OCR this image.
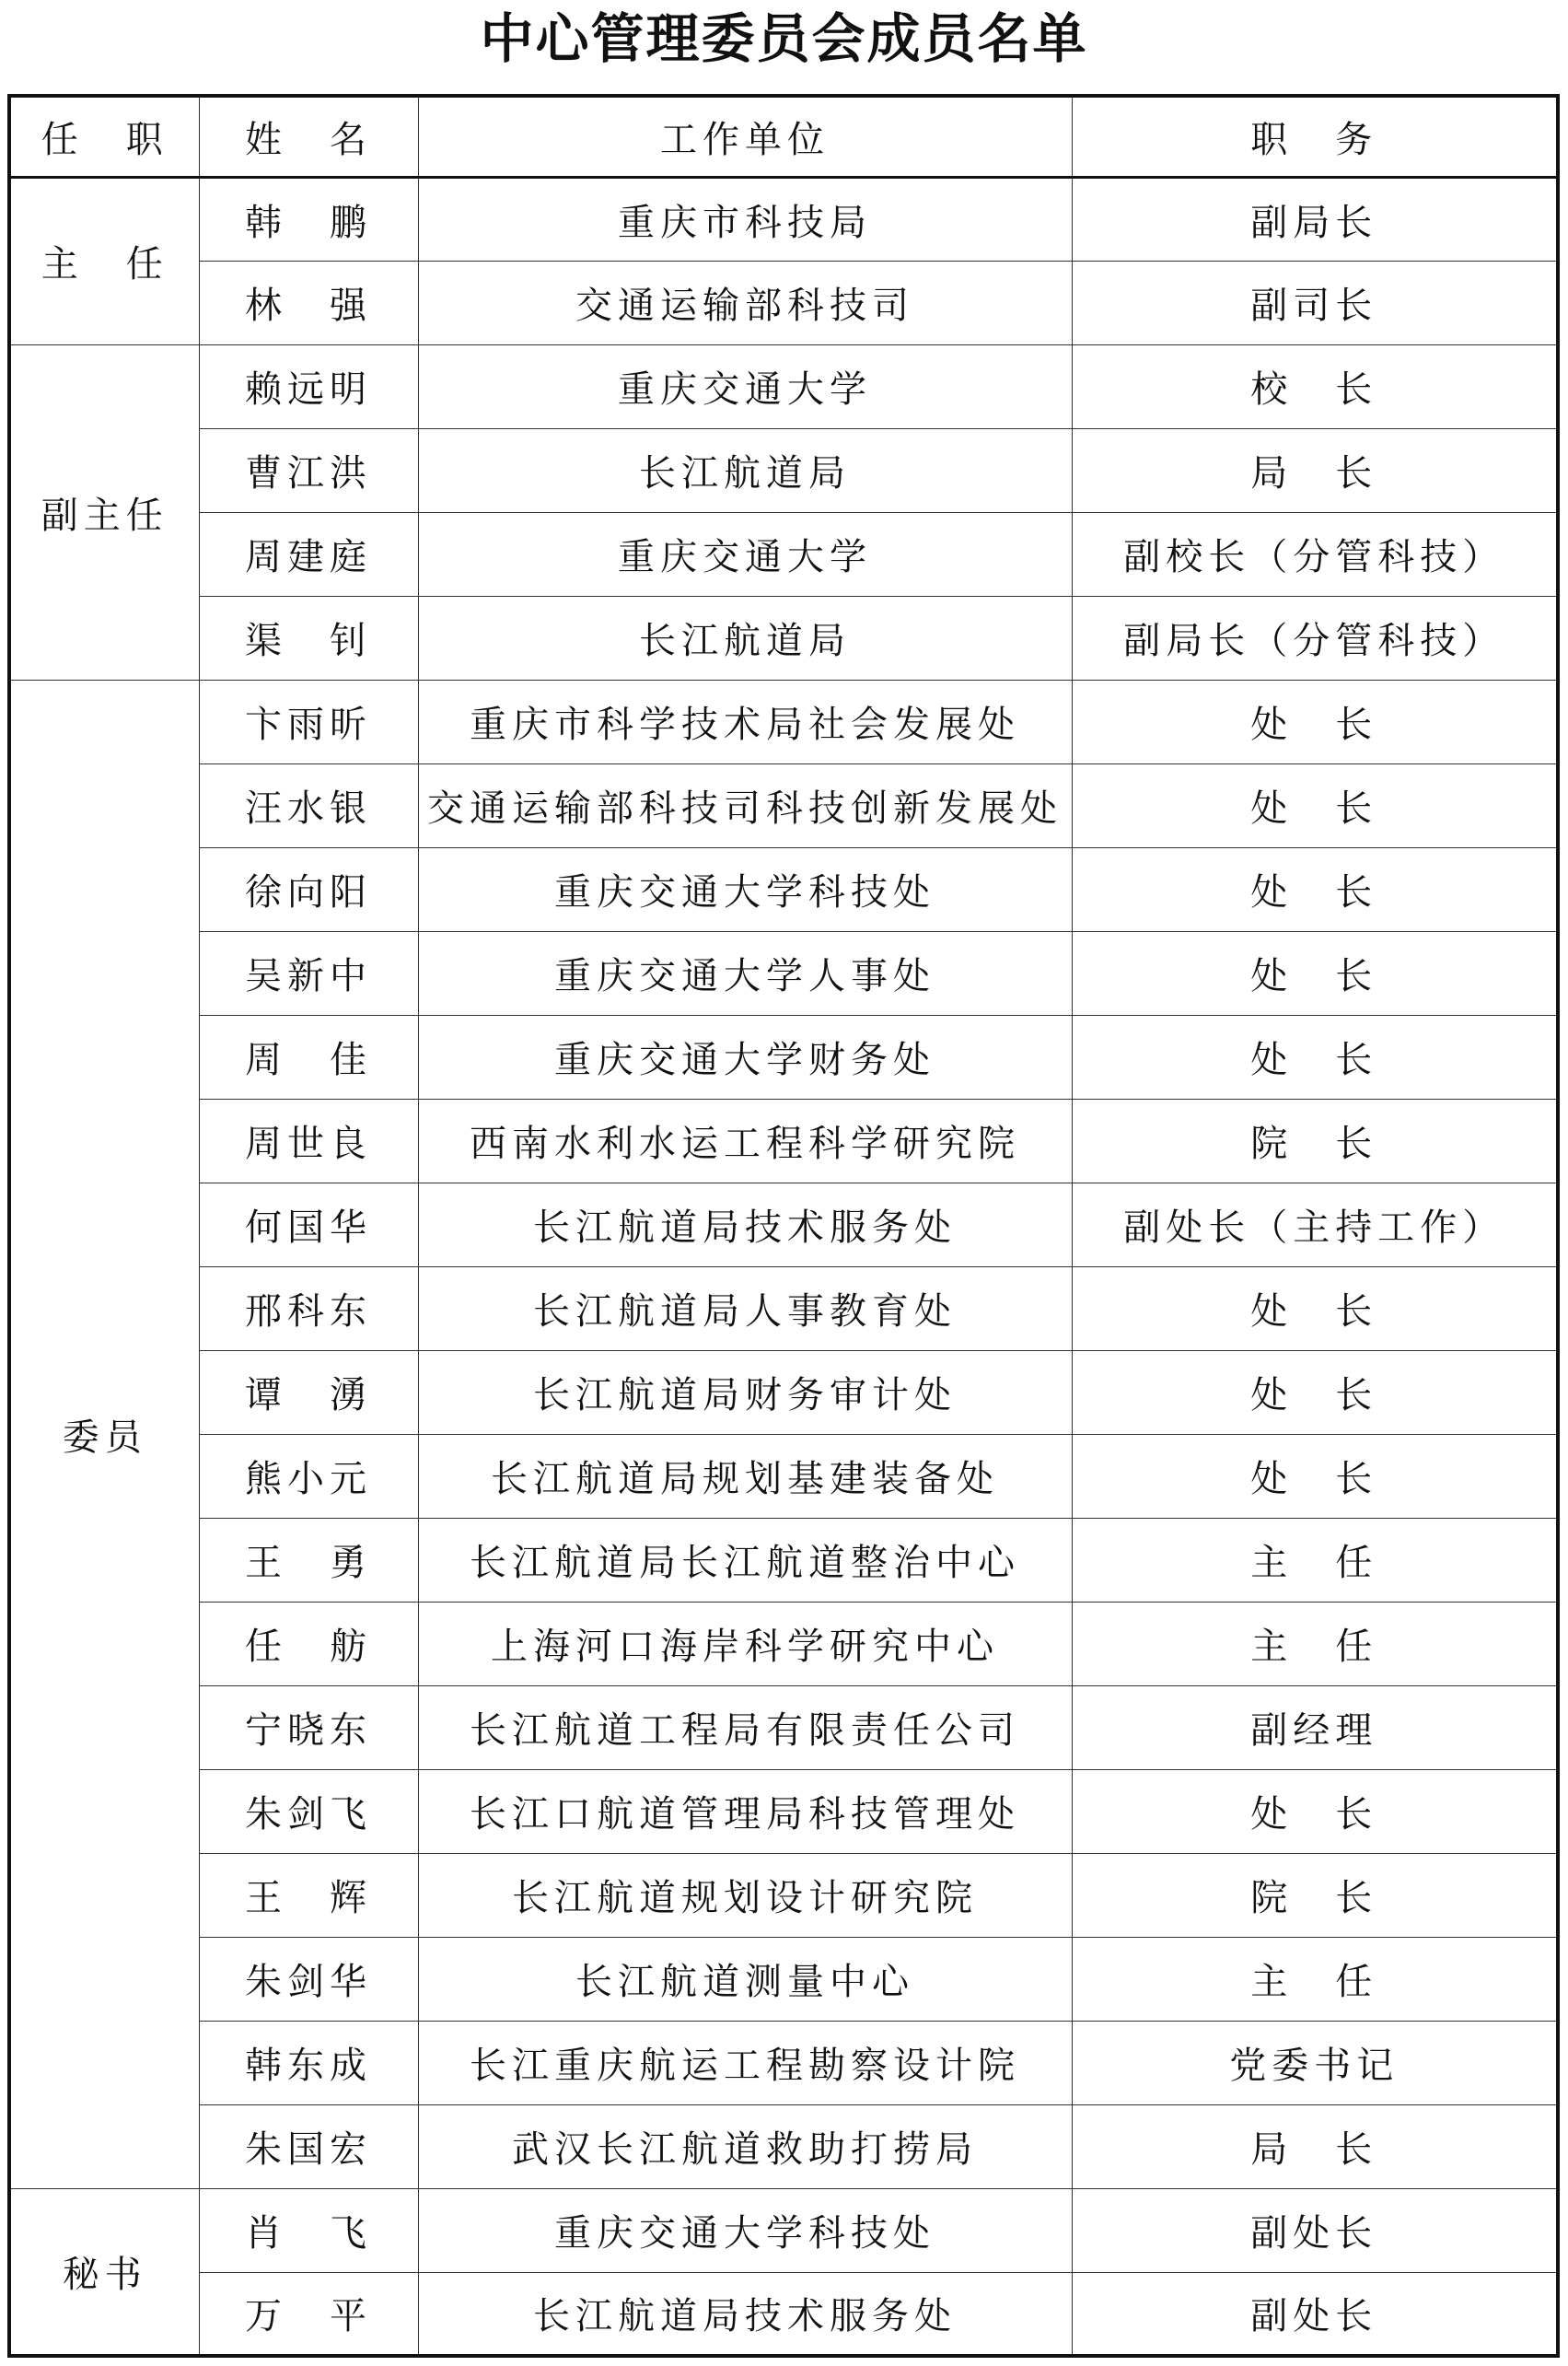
中心管理委员会成员名单
任　职	姓　名	工作单位	职　务
主　任	韩　鹏	重庆市科技局	副局长
	林　强	交通运输部科技司	副司长
副主任	赖远明	重庆交通大学	校　长
	曹江洪	长江航道局	局　长
	周建庭	重庆交通大学	副校长（分管科技）
	渠　钊	长江航道局	副局长（分管科技）
委员	卞雨昕	重庆市科学技术局社会发展处	处　长
	汪水银	交通运输部科技司科技创新发展处	处　长
	徐向阳	重庆交通大学科技处	处　长
	吴新中	重庆交通大学人事处	处　长
	周　佳	重庆交通大学财务处	处　长
	周世良	西南水利水运工程科学研究院	院　长
	何国华	长江航道局技术服务处	副处长（主持工作）
	邢科东	长江航道局人事教育处	处　长
	谭　湧	长江航道局财务审计处	处　长
	熊小元	长江航道局规划基建装备处	处　长
	王　勇	长江航道局长江航道整治中心	主　任
	任　舫	上海河口海岸科学研究中心	主　任
	宁晓东	长江航道工程局有限责任公司	副经理
	朱剑飞	长江口航道管理局科技管理处	处　长
	王　辉	长江航道规划设计研究院	院　长
	朱剑华	长江航道测量中心	主　任
	韩东成	长江重庆航运工程勘察设计院	党委书记
	朱国宏	武汉长江航道救助打捞局	局　长
秘书	肖　飞	重庆交通大学科技处	副处长
	万　平	长江航道局技术服务处	副处长
